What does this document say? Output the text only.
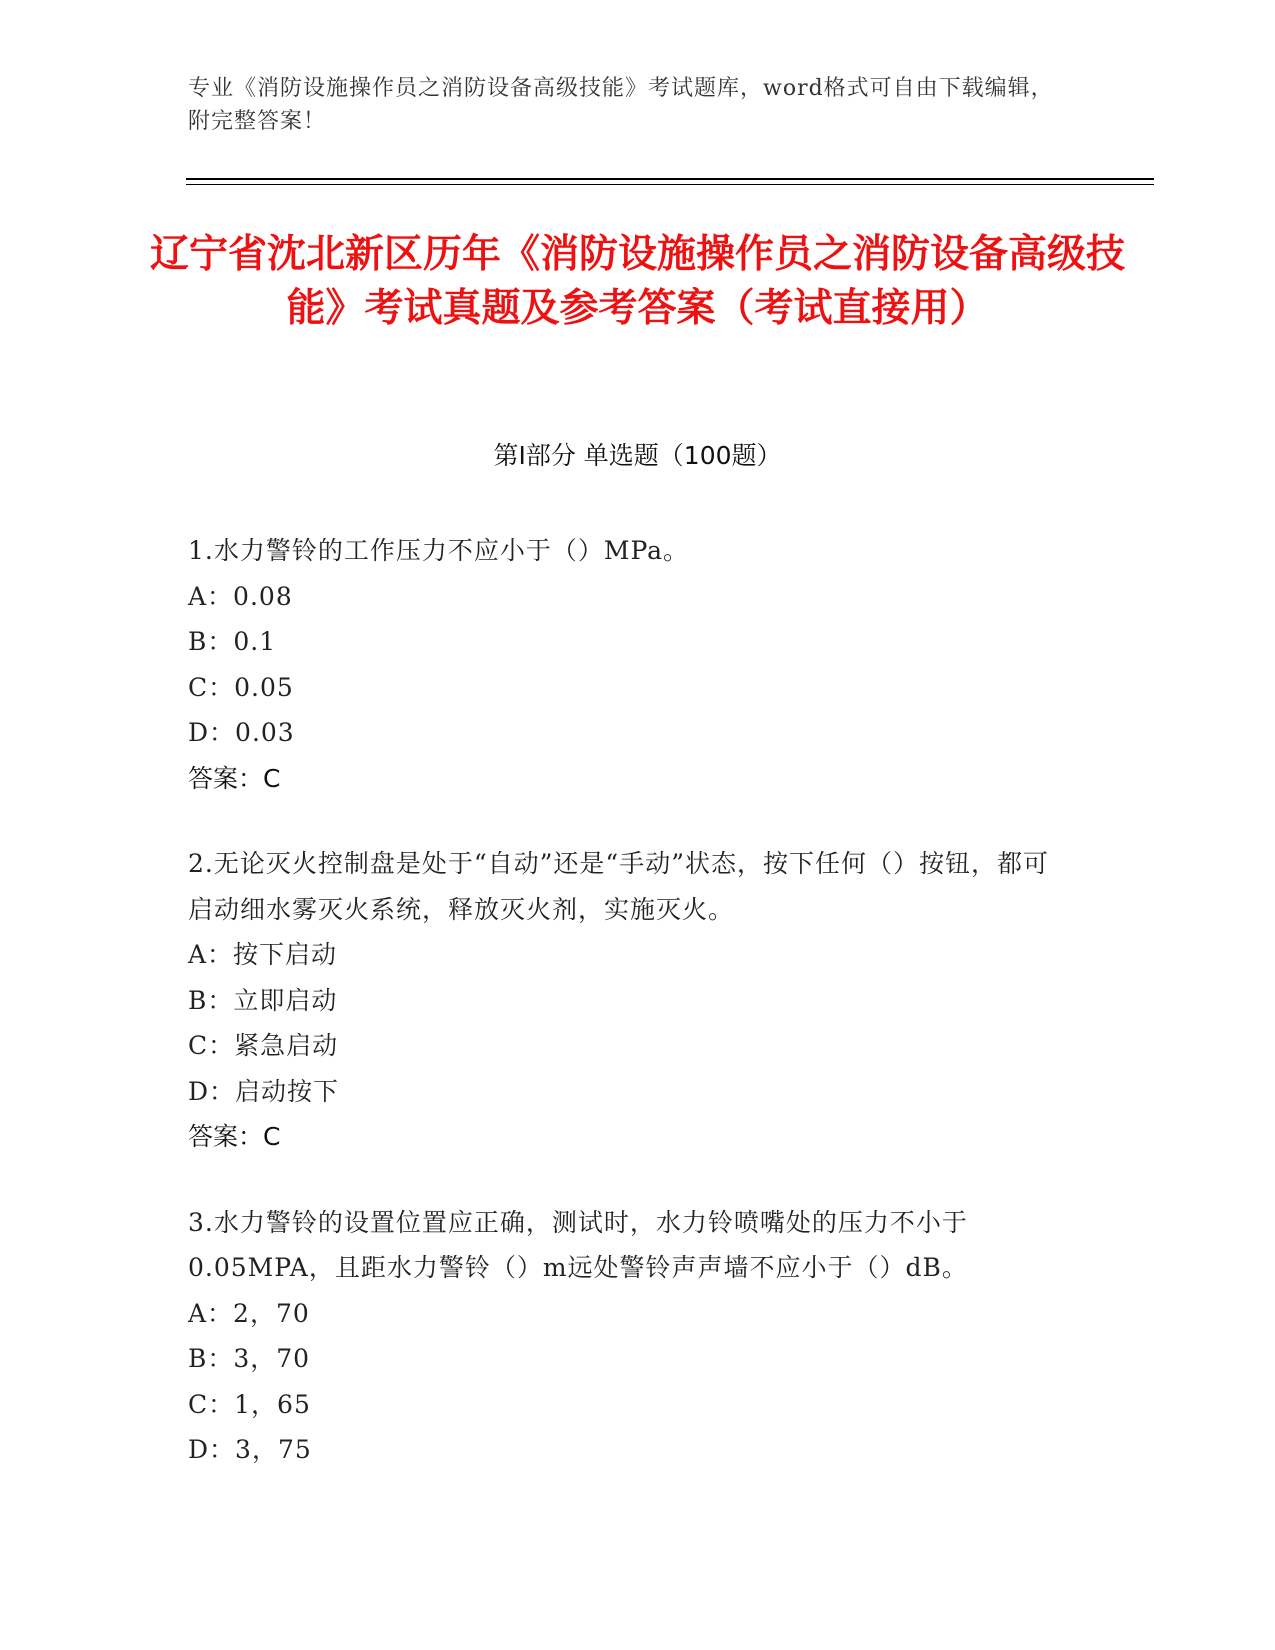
专业《消防设施操作员之消防设备高级技能》考试题库，word格式可自由下载编辑，附完整答案！
辽宁省沈北新区历年《消防设施操作员之消防设备高级技能》考试真题及参考答案（考试直接用）
第Ⅰ部分 单选题（100题）

1.水力警铃的工作压力不应小于（）MPa。

A：0.08

B：0.1

C：0.05

D：0.03

答案：C

2.无论灭火控制盘是处于“自动”还是“手动”状态，按下任何（）按钮，都可启动细水雾灭火系统，释放灭火剂，实施灭火。

A：按下启动

B：立即启动

C：紧急启动

D：启动按下

答案：C

3.水力警铃的设置位置应正确，测试时，水力铃喷嘴处的压力不小于0.05MPA，且距水力警铃（）m远处警铃声声墙不应小于（）dB。

A：2，70

B：3，70

C：1，65

D：3，75
